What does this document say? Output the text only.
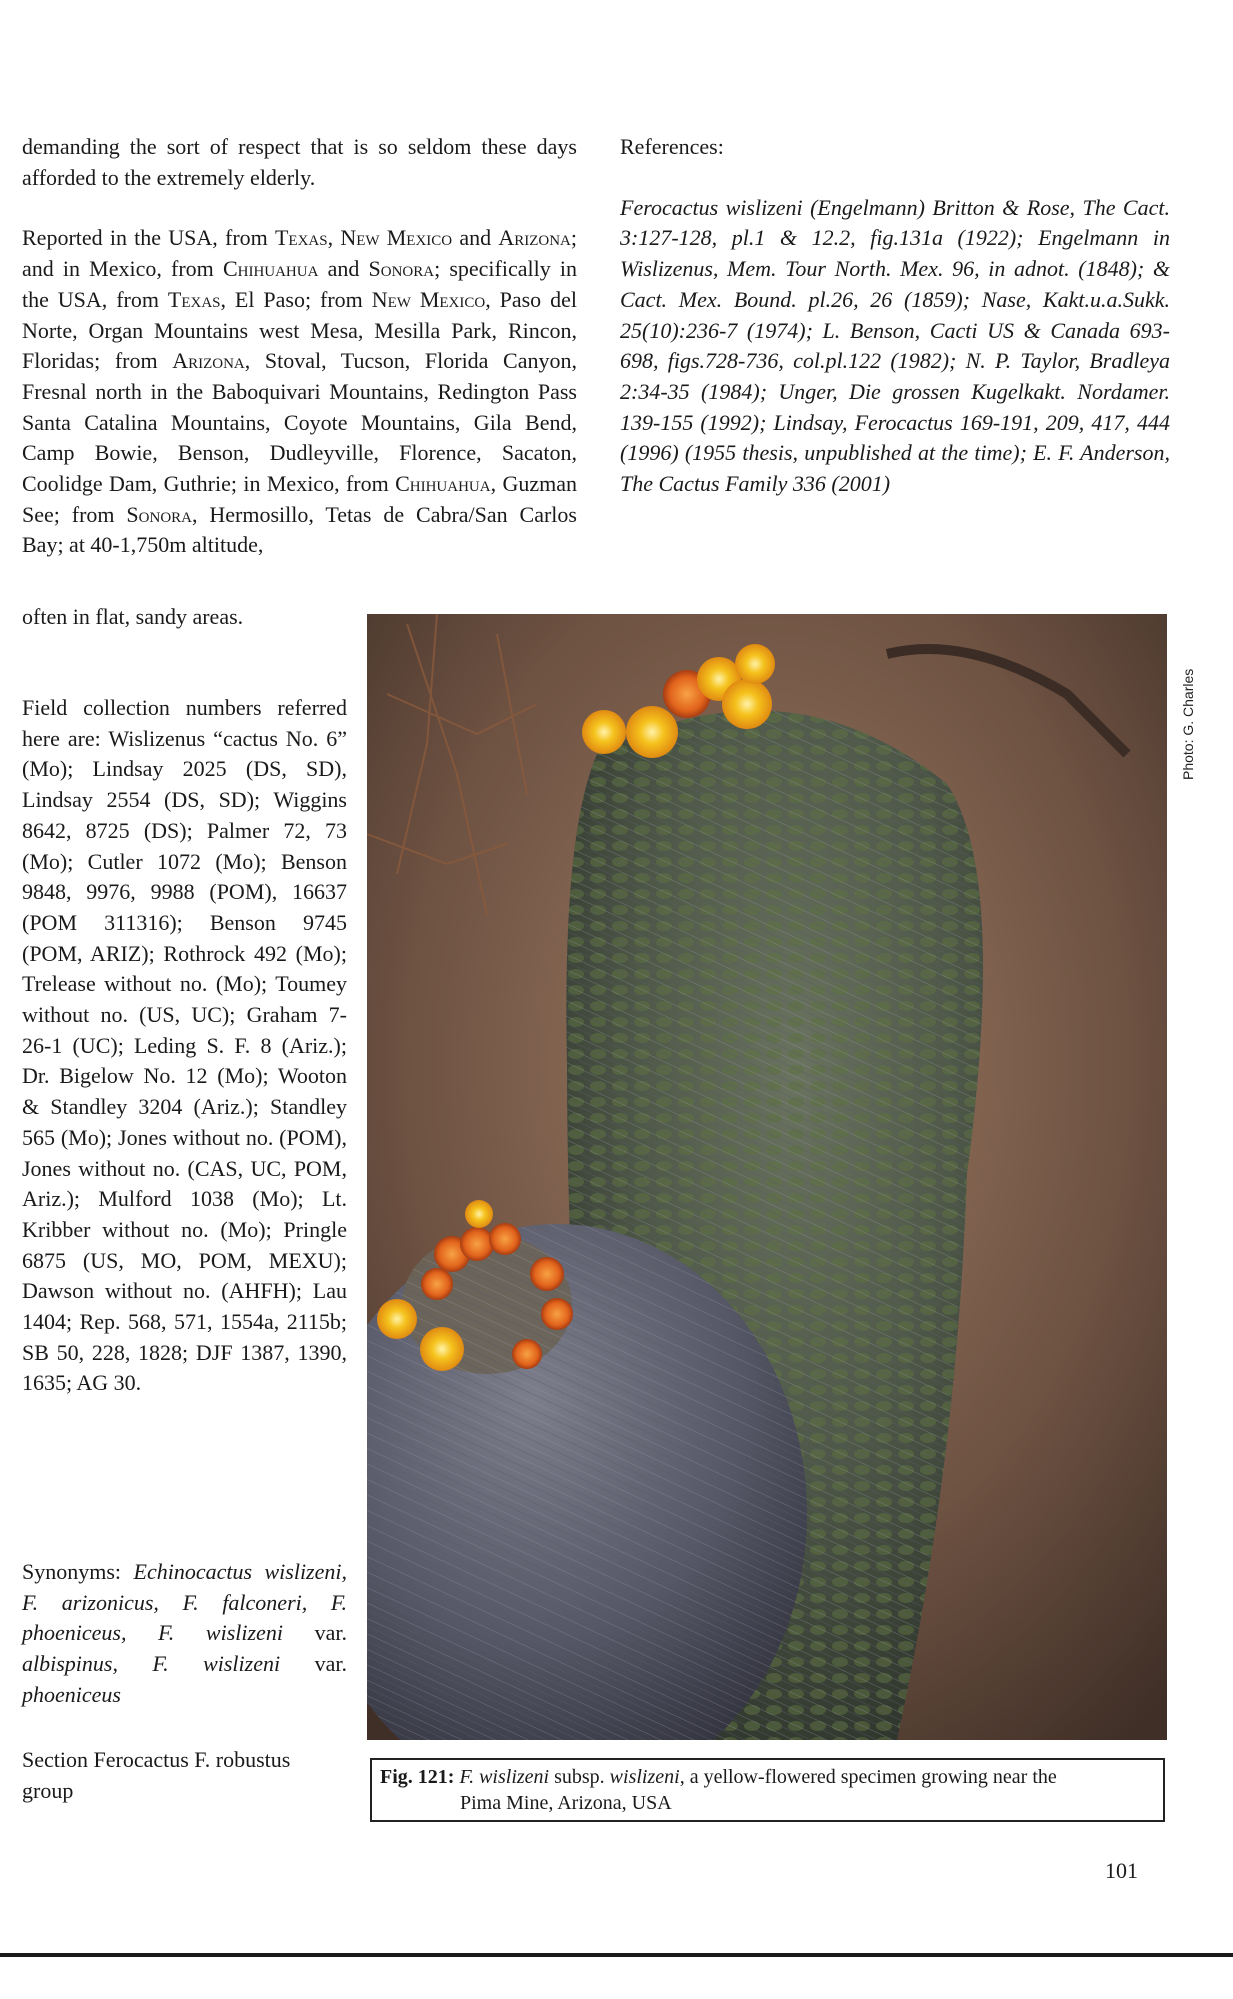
demanding the sort of respect that is so seldom these days afforded to the extremely elderly.

Reported in the USA, from Texas, New Mexico and Arizona; and in Mexico, from Chihuahua and Sonora; specifically in the USA, from Texas, El Paso; from New Mexico, Paso del Norte, Organ Mountains west Mesa, Mesilla Park, Rincon, Floridas; from Arizona, Stoval, Tucson, Florida Canyon, Fresnal north in the Baboquivari Mountains, Redington Pass Santa Catalina Mountains, Coyote Mountains, Gila Bend, Camp Bowie, Benson, Dudleyville, Florence, Sacaton, Coolidge Dam, Guthrie; in Mexico, from Chihuahua, Guzman See; from Sonora, Hermosillo, Tetas de Cabra/San Carlos Bay; at 40-1,750m altitude,

often in flat, sandy areas.

Field collection numbers referred here are: Wislizenus “cactus No. 6” (Mo); Lindsay 2025 (DS, SD), Lindsay 2554 (DS, SD); Wiggins 8642, 8725 (DS); Palmer 72, 73 (Mo); Cutler 1072 (Mo); Benson 9848, 9976, 9988 (POM), 16637 (POM 311316); Benson 9745 (POM, ARIZ); Rothrock 492 (Mo); Trelease without no. (Mo); Toumey without no. (US, UC); Graham 7-26-1 (UC); Leding S. F. 8 (Ariz.); Dr. Bigelow No. 12 (Mo); Wooton & Standley 3204 (Ariz.); Standley 565 (Mo); Jones without no. (POM), Jones without no. (CAS, UC, POM, Ariz.); Mulford 1038 (Mo); Lt. Kribber without no. (Mo); Pringle 6875 (US, MO, POM, MEXU); Dawson without no. (AHFH); Lau 1404; Rep. 568, 571, 1554a, 2115b; SB 50, 228, 1828; DJF 1387, 1390, 1635; AG 30.

Synonyms: Echinocactus wislizeni, F. arizonicus, F. falconeri, F. phoeniceus, F. wislizeni var. albispinus, F. wislizeni var. phoeniceus

Section Ferocactus F. robustus group

References:

Ferocactus wislizeni (Engelmann) Britton & Rose, The Cact. 3:127-128, pl.1 & 12.2, fig.131a (1922); Engelmann in Wislizenus, Mem. Tour North. Mex. 96, in adnot. (1848); & Cact. Mex. Bound. pl.26, 26 (1859); Nase, Kakt.u.a.Sukk. 25(10):236-7 (1974); L. Benson, Cacti US & Canada 693-698, figs.728-736, col.pl.122 (1982); N. P. Taylor, Bradleya 2:34-35 (1984); Unger, Die grossen Kugelkakt. Nordamer. 139-155 (1992); Lindsay, Ferocactus 169-191, 209, 417, 444 (1996) (1955 thesis, unpublished at the time); E. F. Anderson, The Cactus Family 336 (2001)

Photo: G. Charles
Fig. 121: F. wislizeni subsp. wislizeni, a yellow-flowered specimen growing near the
Pima Mine, Arizona, USA
101
